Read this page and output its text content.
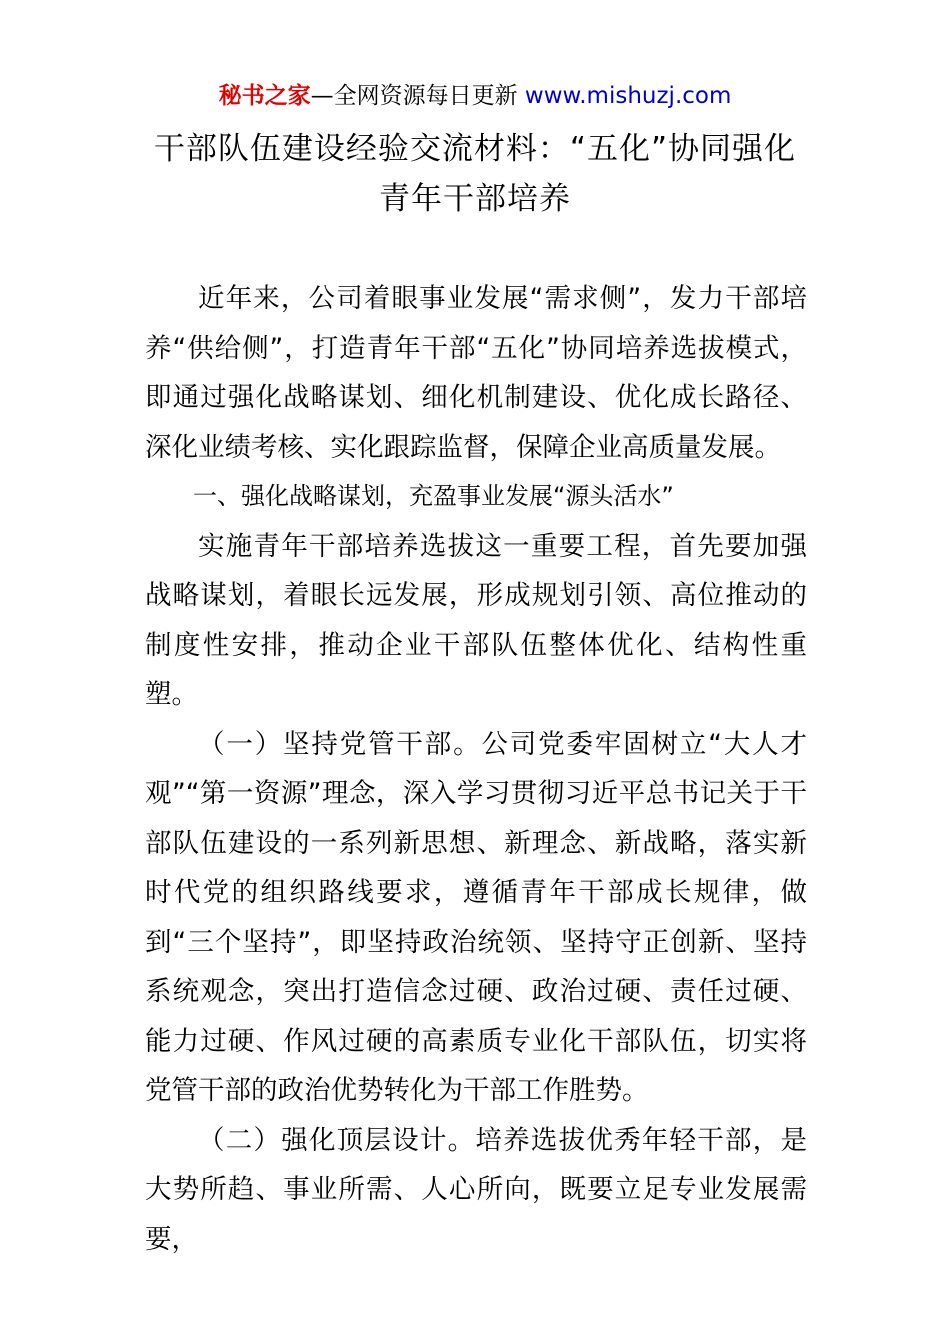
秘书之家—全网资源每日更新 www.mishuzj.com
干部队伍建设经验交流材料：“五化”协同强化青年干部培养

近年来，公司着眼事业发展“需求侧”，发力干部培养“供给侧”，打造青年干部“五化”协同培养选拔模式，即通过强化战略谋划、细化机制建设、优化成长路径、深化业绩考核、实化跟踪监督，保障企业高质量发展。

一、强化战略谋划，充盈事业发展“源头活水”

实施青年干部培养选拔这一重要工程，首先要加强战略谋划，着眼长远发展，形成规划引领、高位推动的制度性安排，推动企业干部队伍整体优化、结构性重塑。

（一）坚持党管干部。公司党委牢固树立“大人才观”“第一资源”理念，深入学习贯彻习近平总书记关于干部队伍建设的一系列新思想、新理念、新战略，落实新时代党的组织路线要求，遵循青年干部成长规律，做到“三个坚持”，即坚持政治统领、坚持守正创新、坚持系统观念，突出打造信念过硬、政治过硬、责任过硬、能力过硬、作风过硬的高素质专业化干部队伍，切实将党管干部的政治优势转化为干部工作胜势。

（二）强化顶层设计。培养选拔优秀年轻干部，是大势所趋、事业所需、人心所向，既要立足专业发展需要，
